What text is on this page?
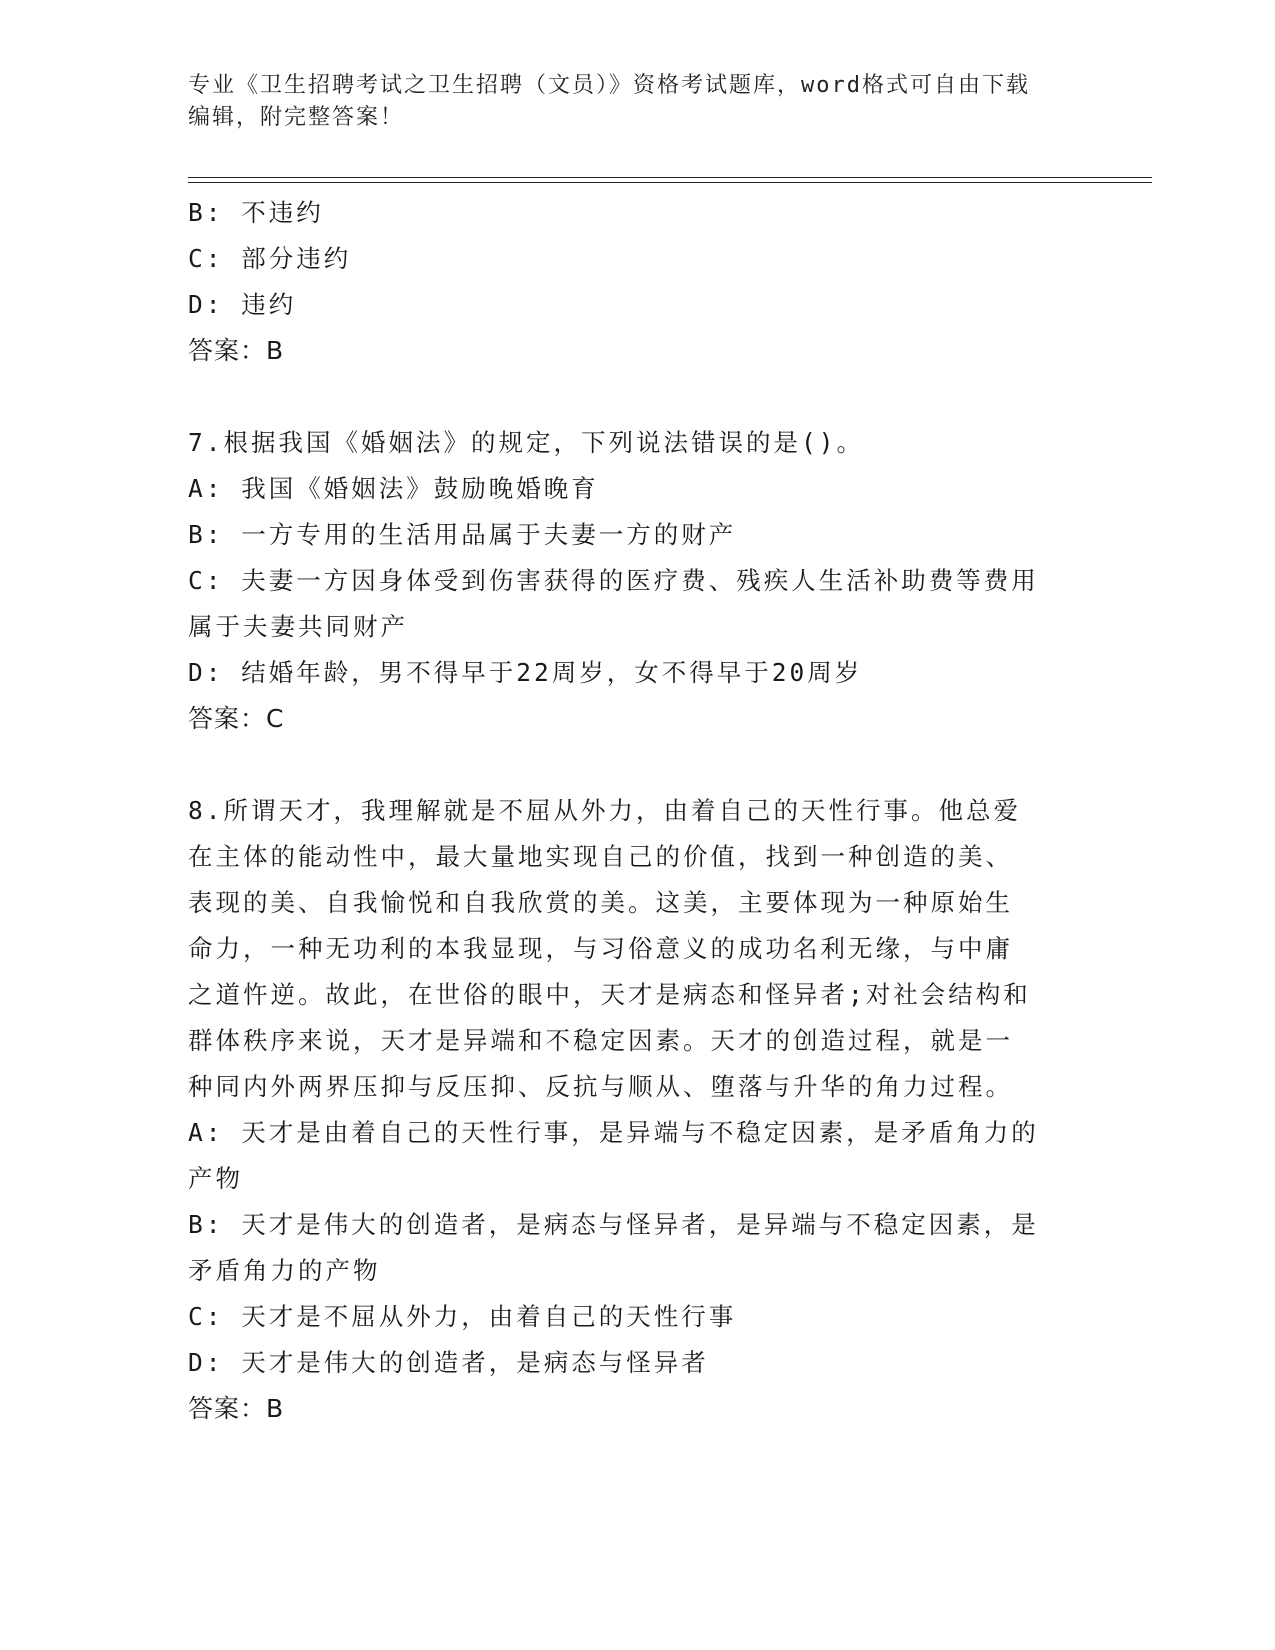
专业《卫生招聘考试之卫生招聘（文员）》资格考试题库，word格式可自由下载
编辑，附完整答案！
B: 不违约
C: 部分违约
D: 违约
答案：B
7.根据我国《婚姻法》的规定，下列说法错误的是()。
A: 我国《婚姻法》鼓励晚婚晚育
B: 一方专用的生活用品属于夫妻一方的财产
C: 夫妻一方因身体受到伤害获得的医疗费、残疾人生活补助费等费用
属于夫妻共同财产
D: 结婚年龄，男不得早于22周岁，女不得早于20周岁
答案：C
8.所谓天才，我理解就是不屈从外力，由着自己的天性行事。他总爱
在主体的能动性中，最大量地实现自己的价值，找到一种创造的美、
表现的美、自我愉悦和自我欣赏的美。这美，主要体现为一种原始生
命力，一种无功利的本我显现，与习俗意义的成功名利无缘，与中庸
之道忤逆。故此，在世俗的眼中，天才是病态和怪异者;对社会结构和
群体秩序来说，天才是异端和不稳定因素。天才的创造过程，就是一
种同内外两界压抑与反压抑、反抗与顺从、堕落与升华的角力过程。
A: 天才是由着自己的天性行事，是异端与不稳定因素，是矛盾角力的
产物
B: 天才是伟大的创造者，是病态与怪异者，是异端与不稳定因素，是
矛盾角力的产物
C: 天才是不屈从外力，由着自己的天性行事
D: 天才是伟大的创造者，是病态与怪异者
答案：B
